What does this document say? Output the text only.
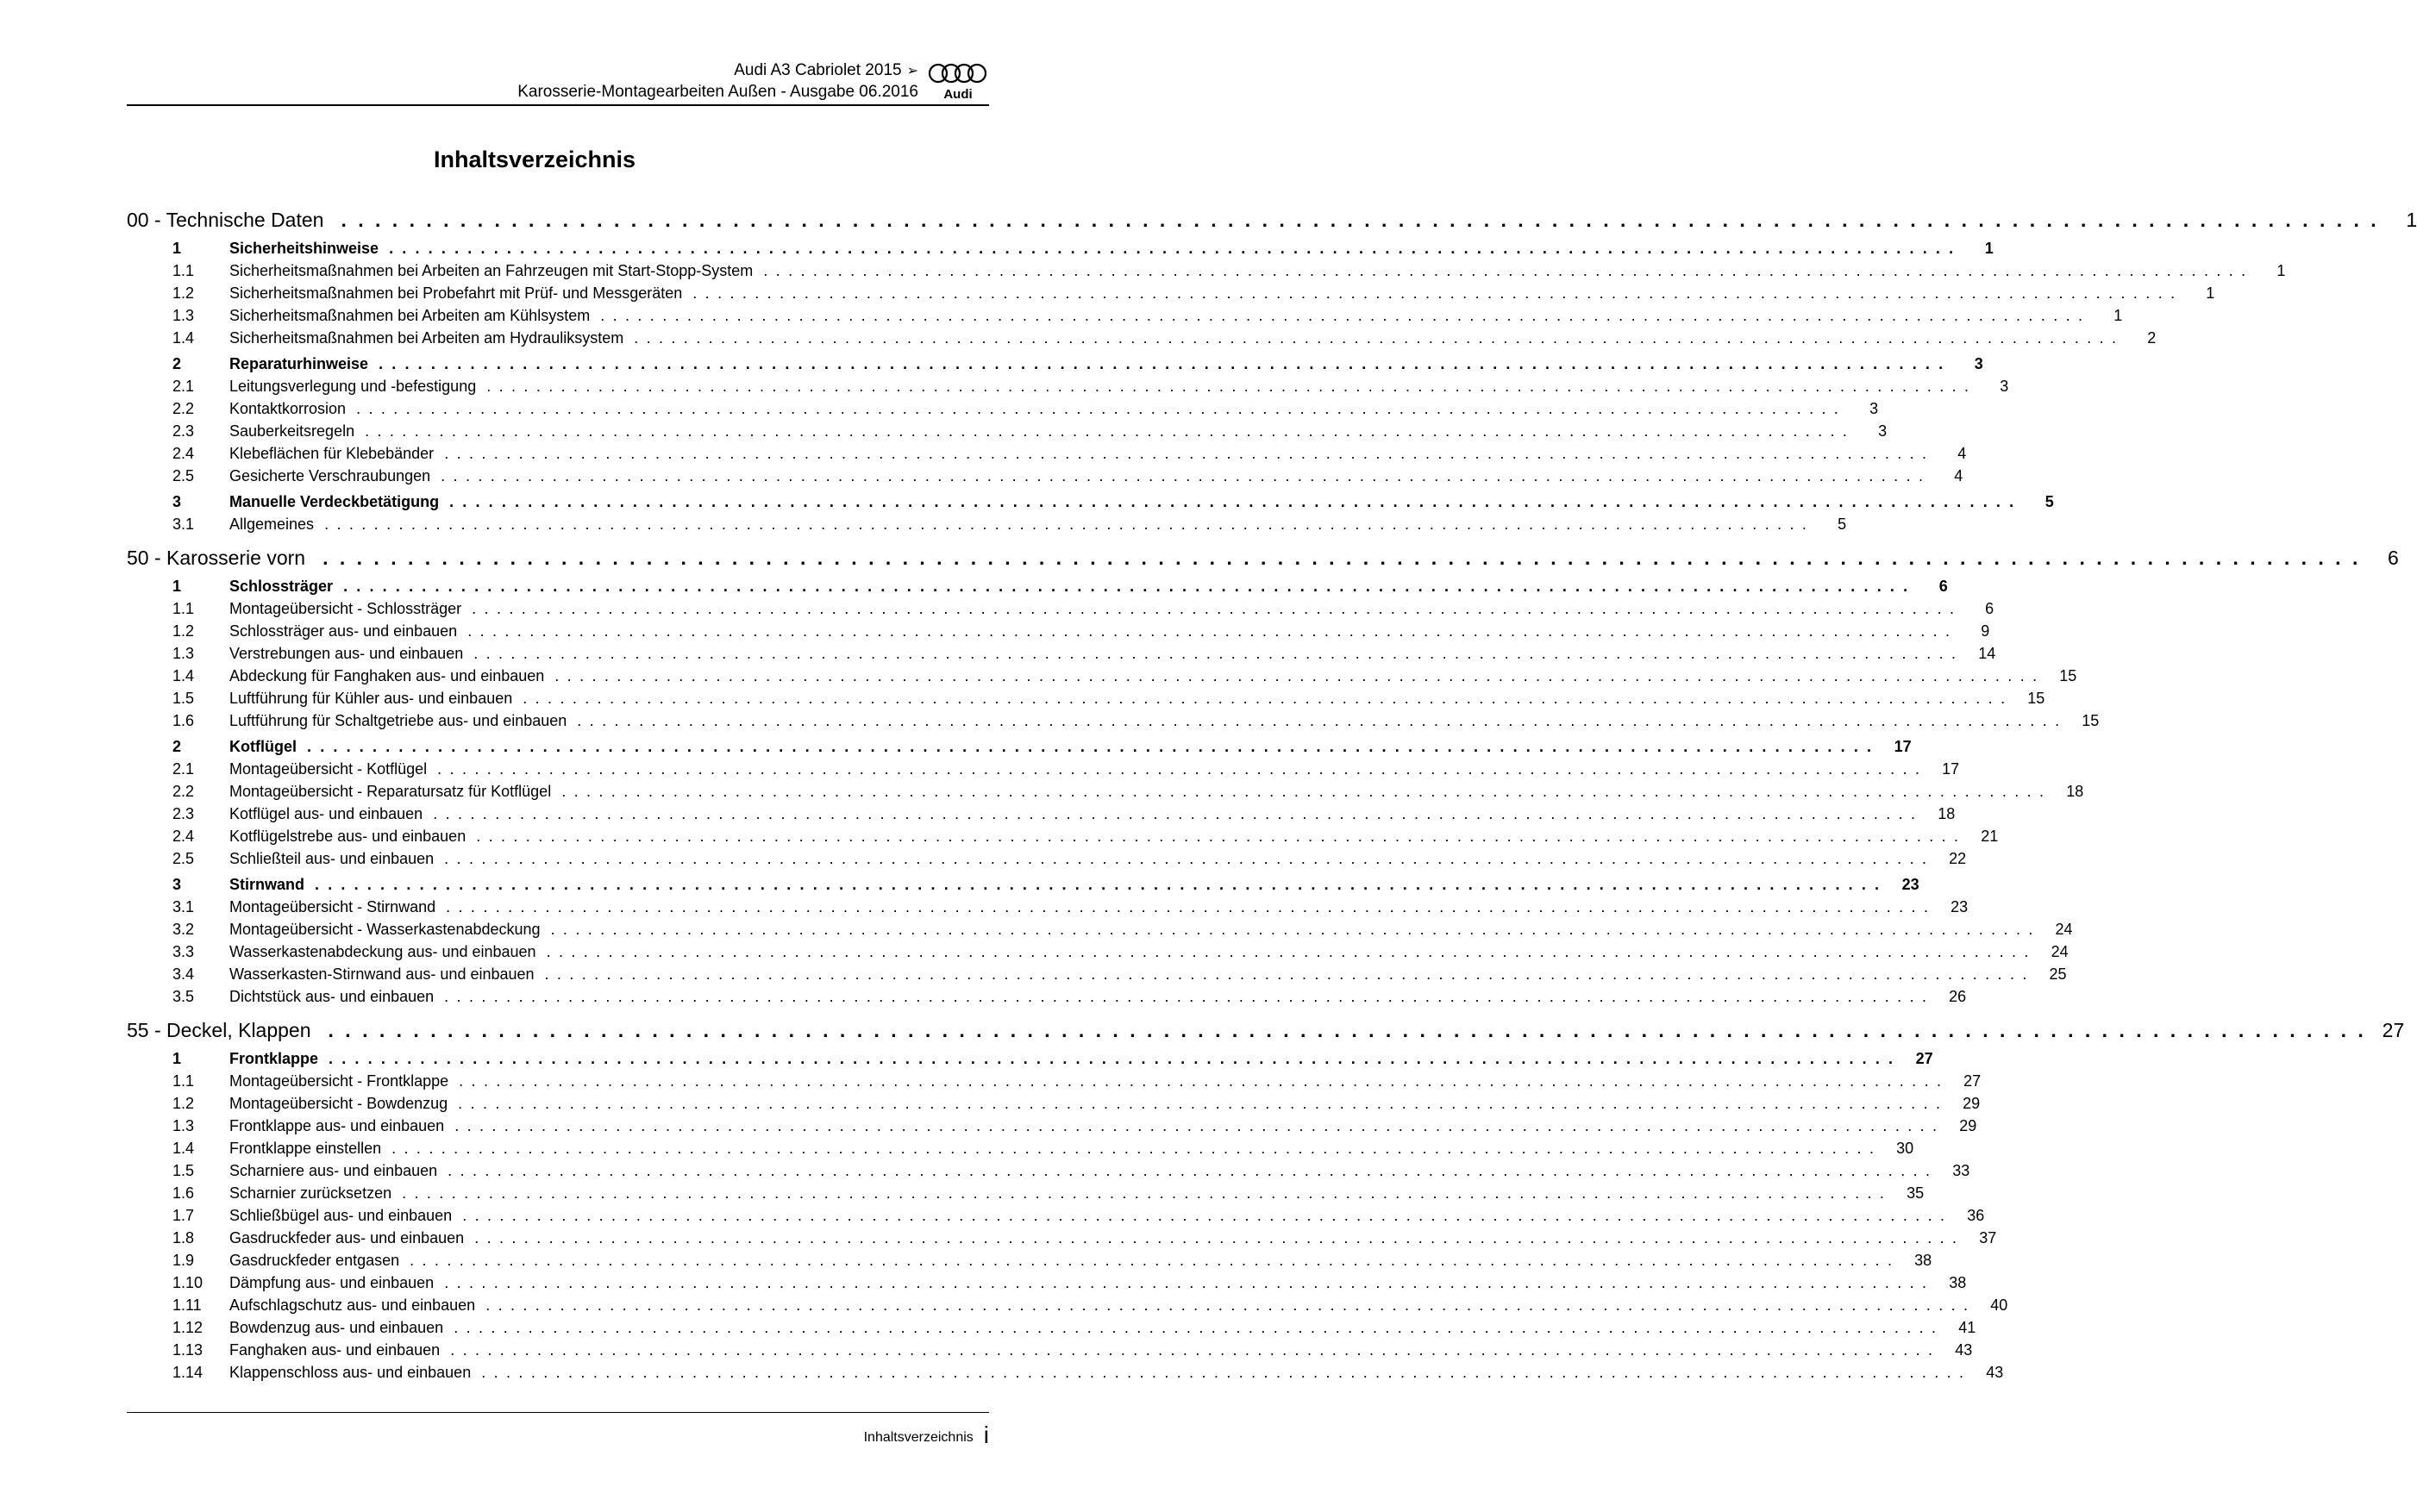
Audi A3 Cabriolet 2015 ➢
Karosserie-Montagearbeiten Außen - Ausgabe 06.2016 Audi
Inhaltsverzeichnis
00 - Technische Daten . . . . . . . . . . . . . . . . . . . . . . . . . . . . . . . . . . . . . . . . . . . . . . . . . . . . . . . . . . . . . . . . . . . . . . . . . . . . . . . . . . . . . . . . . . . . . . . . . . . . . . . . . . . . . . . . . . . . . . . .	1
1	Sicherheitshinweise . . . . . . . . . . . . . . . . . . . . . . . . . . . . . . . . . . . . . . . . . . . . . . . . . . . . . . . . . . . . . . . . . . . . . . . . . . . . . . . . . . . . . . . . . . . . . . . . . . . . . . . . . . . . . . . . . . . . . . . .	1
1.1	Sicherheitsmaßnahmen bei Arbeiten an Fahrzeugen mit Start-Stopp-System . . . . . . . . . . . . . . . . . . . . . . . . . . . . . . . . . . . . . . . . . . . . . . . . . . . . . . . . . . . . . . . . . . . . . . . . . . . . . . . . . . . . . . . . . . . . . . . . . . . . . . . . . . . . . . . . . . . . . . . .	1
1.2	Sicherheitsmaßnahmen bei Probefahrt mit Prüf- und Messgeräten . . . . . . . . . . . . . . . . . . . . . . . . . . . . . . . . . . . . . . . . . . . . . . . . . . . . . . . . . . . . . . . . . . . . . . . . . . . . . . . . . . . . . . . . . . . . . . . . . . . . . . . . . . . . . . . . . . . . . . . .	1
1.3	Sicherheitsmaßnahmen bei Arbeiten am Kühlsystem . . . . . . . . . . . . . . . . . . . . . . . . . . . . . . . . . . . . . . . . . . . . . . . . . . . . . . . . . . . . . . . . . . . . . . . . . . . . . . . . . . . . . . . . . . . . . . . . . . . . . . . . . . . . . . . . . . . . . . . .	1
1.4	Sicherheitsmaßnahmen bei Arbeiten am Hydrauliksystem . . . . . . . . . . . . . . . . . . . . . . . . . . . . . . . . . . . . . . . . . . . . . . . . . . . . . . . . . . . . . . . . . . . . . . . . . . . . . . . . . . . . . . . . . . . . . . . . . . . . . . . . . . . . . . . . . . . . . . . .	2
2	Reparaturhinweise . . . . . . . . . . . . . . . . . . . . . . . . . . . . . . . . . . . . . . . . . . . . . . . . . . . . . . . . . . . . . . . . . . . . . . . . . . . . . . . . . . . . . . . . . . . . . . . . . . . . . . . . . . . . . . . . . . . . . . . .	3
2.1	Leitungsverlegung und -befestigung . . . . . . . . . . . . . . . . . . . . . . . . . . . . . . . . . . . . . . . . . . . . . . . . . . . . . . . . . . . . . . . . . . . . . . . . . . . . . . . . . . . . . . . . . . . . . . . . . . . . . . . . . . . . . . . . . . . . . . . .	3
2.2	Kontaktkorrosion . . . . . . . . . . . . . . . . . . . . . . . . . . . . . . . . . . . . . . . . . . . . . . . . . . . . . . . . . . . . . . . . . . . . . . . . . . . . . . . . . . . . . . . . . . . . . . . . . . . . . . . . . . . . . . . . . . . . . . . .	3
2.3	Sauberkeitsregeln . . . . . . . . . . . . . . . . . . . . . . . . . . . . . . . . . . . . . . . . . . . . . . . . . . . . . . . . . . . . . . . . . . . . . . . . . . . . . . . . . . . . . . . . . . . . . . . . . . . . . . . . . . . . . . . . . . . . . . . .	3
2.4	Klebeflächen für Klebebänder . . . . . . . . . . . . . . . . . . . . . . . . . . . . . . . . . . . . . . . . . . . . . . . . . . . . . . . . . . . . . . . . . . . . . . . . . . . . . . . . . . . . . . . . . . . . . . . . . . . . . . . . . . . . . . . . . . . . . . . .	4
2.5	Gesicherte Verschraubungen . . . . . . . . . . . . . . . . . . . . . . . . . . . . . . . . . . . . . . . . . . . . . . . . . . . . . . . . . . . . . . . . . . . . . . . . . . . . . . . . . . . . . . . . . . . . . . . . . . . . . . . . . . . . . . . . . . . . . . . .	4
3	Manuelle Verdeckbetätigung . . . . . . . . . . . . . . . . . . . . . . . . . . . . . . . . . . . . . . . . . . . . . . . . . . . . . . . . . . . . . . . . . . . . . . . . . . . . . . . . . . . . . . . . . . . . . . . . . . . . . . . . . . . . . . . . . . . . . . . .	5
3.1	Allgemeines . . . . . . . . . . . . . . . . . . . . . . . . . . . . . . . . . . . . . . . . . . . . . . . . . . . . . . . . . . . . . . . . . . . . . . . . . . . . . . . . . . . . . . . . . . . . . . . . . . . . . . . . . . . . . . . . . . . . . . . .	5
50 - Karosserie vorn . . . . . . . . . . . . . . . . . . . . . . . . . . . . . . . . . . . . . . . . . . . . . . . . . . . . . . . . . . . . . . . . . . . . . . . . . . . . . . . . . . . . . . . . . . . . . . . . . . . . . . . . . . . . . . . . . . . . . . . .	6
1	Schlossträger . . . . . . . . . . . . . . . . . . . . . . . . . . . . . . . . . . . . . . . . . . . . . . . . . . . . . . . . . . . . . . . . . . . . . . . . . . . . . . . . . . . . . . . . . . . . . . . . . . . . . . . . . . . . . . . . . . . . . . . .	6
1.1	Montageübersicht - Schlossträger . . . . . . . . . . . . . . . . . . . . . . . . . . . . . . . . . . . . . . . . . . . . . . . . . . . . . . . . . . . . . . . . . . . . . . . . . . . . . . . . . . . . . . . . . . . . . . . . . . . . . . . . . . . . . . . . . . . . . . . .	6
1.2	Schlossträger aus- und einbauen . . . . . . . . . . . . . . . . . . . . . . . . . . . . . . . . . . . . . . . . . . . . . . . . . . . . . . . . . . . . . . . . . . . . . . . . . . . . . . . . . . . . . . . . . . . . . . . . . . . . . . . . . . . . . . . . . . . . . . . .	9
1.3	Verstrebungen aus- und einbauen . . . . . . . . . . . . . . . . . . . . . . . . . . . . . . . . . . . . . . . . . . . . . . . . . . . . . . . . . . . . . . . . . . . . . . . . . . . . . . . . . . . . . . . . . . . . . . . . . . . . . . . . . . . . . . . . . . . . . . . .	14
1.4	Abdeckung für Fanghaken aus- und einbauen . . . . . . . . . . . . . . . . . . . . . . . . . . . . . . . . . . . . . . . . . . . . . . . . . . . . . . . . . . . . . . . . . . . . . . . . . . . . . . . . . . . . . . . . . . . . . . . . . . . . . . . . . . . . . . . . . . . . . . . .	15
1.5	Luftführung für Kühler aus- und einbauen . . . . . . . . . . . . . . . . . . . . . . . . . . . . . . . . . . . . . . . . . . . . . . . . . . . . . . . . . . . . . . . . . . . . . . . . . . . . . . . . . . . . . . . . . . . . . . . . . . . . . . . . . . . . . . . . . . . . . . . .	15
1.6	Luftführung für Schaltgetriebe aus- und einbauen . . . . . . . . . . . . . . . . . . . . . . . . . . . . . . . . . . . . . . . . . . . . . . . . . . . . . . . . . . . . . . . . . . . . . . . . . . . . . . . . . . . . . . . . . . . . . . . . . . . . . . . . . . . . . . . . . . . . . . . .	15
2	Kotflügel . . . . . . . . . . . . . . . . . . . . . . . . . . . . . . . . . . . . . . . . . . . . . . . . . . . . . . . . . . . . . . . . . . . . . . . . . . . . . . . . . . . . . . . . . . . . . . . . . . . . . . . . . . . . . . . . . . . . . . . .	17
2.1	Montageübersicht - Kotflügel . . . . . . . . . . . . . . . . . . . . . . . . . . . . . . . . . . . . . . . . . . . . . . . . . . . . . . . . . . . . . . . . . . . . . . . . . . . . . . . . . . . . . . . . . . . . . . . . . . . . . . . . . . . . . . . . . . . . . . . .	17
2.2	Montageübersicht - Reparatursatz für Kotflügel . . . . . . . . . . . . . . . . . . . . . . . . . . . . . . . . . . . . . . . . . . . . . . . . . . . . . . . . . . . . . . . . . . . . . . . . . . . . . . . . . . . . . . . . . . . . . . . . . . . . . . . . . . . . . . . . . . . . . . . .	18
2.3	Kotflügel aus- und einbauen . . . . . . . . . . . . . . . . . . . . . . . . . . . . . . . . . . . . . . . . . . . . . . . . . . . . . . . . . . . . . . . . . . . . . . . . . . . . . . . . . . . . . . . . . . . . . . . . . . . . . . . . . . . . . . . . . . . . . . . .	18
2.4	Kotflügelstrebe aus- und einbauen . . . . . . . . . . . . . . . . . . . . . . . . . . . . . . . . . . . . . . . . . . . . . . . . . . . . . . . . . . . . . . . . . . . . . . . . . . . . . . . . . . . . . . . . . . . . . . . . . . . . . . . . . . . . . . . . . . . . . . . .	21
2.5	Schließteil aus- und einbauen . . . . . . . . . . . . . . . . . . . . . . . . . . . . . . . . . . . . . . . . . . . . . . . . . . . . . . . . . . . . . . . . . . . . . . . . . . . . . . . . . . . . . . . . . . . . . . . . . . . . . . . . . . . . . . . . . . . . . . . .	22
3	Stirnwand . . . . . . . . . . . . . . . . . . . . . . . . . . . . . . . . . . . . . . . . . . . . . . . . . . . . . . . . . . . . . . . . . . . . . . . . . . . . . . . . . . . . . . . . . . . . . . . . . . . . . . . . . . . . . . . . . . . . . . . .	23
3.1	Montageübersicht - Stirnwand . . . . . . . . . . . . . . . . . . . . . . . . . . . . . . . . . . . . . . . . . . . . . . . . . . . . . . . . . . . . . . . . . . . . . . . . . . . . . . . . . . . . . . . . . . . . . . . . . . . . . . . . . . . . . . . . . . . . . . . .	23
3.2	Montageübersicht - Wasserkastenabdeckung . . . . . . . . . . . . . . . . . . . . . . . . . . . . . . . . . . . . . . . . . . . . . . . . . . . . . . . . . . . . . . . . . . . . . . . . . . . . . . . . . . . . . . . . . . . . . . . . . . . . . . . . . . . . . . . . . . . . . . . .	24
3.3	Wasserkastenabdeckung aus- und einbauen . . . . . . . . . . . . . . . . . . . . . . . . . . . . . . . . . . . . . . . . . . . . . . . . . . . . . . . . . . . . . . . . . . . . . . . . . . . . . . . . . . . . . . . . . . . . . . . . . . . . . . . . . . . . . . . . . . . . . . . .	24
3.4	Wasserkasten-Stirnwand aus- und einbauen . . . . . . . . . . . . . . . . . . . . . . . . . . . . . . . . . . . . . . . . . . . . . . . . . . . . . . . . . . . . . . . . . . . . . . . . . . . . . . . . . . . . . . . . . . . . . . . . . . . . . . . . . . . . . . . . . . . . . . . .	25
3.5	Dichtstück aus- und einbauen . . . . . . . . . . . . . . . . . . . . . . . . . . . . . . . . . . . . . . . . . . . . . . . . . . . . . . . . . . . . . . . . . . . . . . . . . . . . . . . . . . . . . . . . . . . . . . . . . . . . . . . . . . . . . . . . . . . . . . . .	26
55 - Deckel, Klappen . . . . . . . . . . . . . . . . . . . . . . . . . . . . . . . . . . . . . . . . . . . . . . . . . . . . . . . . . . . . . . . . . . . . . . . . . . . . . . . . . . . . . . . . . . . . . . . . . . . . . . . . . . . . . . . . . . . . . . . . 27
1	Frontklappe . . . . . . . . . . . . . . . . . . . . . . . . . . . . . . . . . . . . . . . . . . . . . . . . . . . . . . . . . . . . . . . . . . . . . . . . . . . . . . . . . . . . . . . . . . . . . . . . . . . . . . . . . . . . . . . . . . . . . . . .	27
1.1	Montageübersicht - Frontklappe . . . . . . . . . . . . . . . . . . . . . . . . . . . . . . . . . . . . . . . . . . . . . . . . . . . . . . . . . . . . . . . . . . . . . . . . . . . . . . . . . . . . . . . . . . . . . . . . . . . . . . . . . . . . . . . . . . . . . . . .	27
1.2	Montageübersicht - Bowdenzug . . . . . . . . . . . . . . . . . . . . . . . . . . . . . . . . . . . . . . . . . . . . . . . . . . . . . . . . . . . . . . . . . . . . . . . . . . . . . . . . . . . . . . . . . . . . . . . . . . . . . . . . . . . . . . . . . . . . . . . .	29
1.3	Frontklappe aus- und einbauen . . . . . . . . . . . . . . . . . . . . . . . . . . . . . . . . . . . . . . . . . . . . . . . . . . . . . . . . . . . . . . . . . . . . . . . . . . . . . . . . . . . . . . . . . . . . . . . . . . . . . . . . . . . . . . . . . . . . . . . .	29
1.4	Frontklappe einstellen . . . . . . . . . . . . . . . . . . . . . . . . . . . . . . . . . . . . . . . . . . . . . . . . . . . . . . . . . . . . . . . . . . . . . . . . . . . . . . . . . . . . . . . . . . . . . . . . . . . . . . . . . . . . . . . . . . . . . . . .	30
1.5	Scharniere aus- und einbauen . . . . . . . . . . . . . . . . . . . . . . . . . . . . . . . . . . . . . . . . . . . . . . . . . . . . . . . . . . . . . . . . . . . . . . . . . . . . . . . . . . . . . . . . . . . . . . . . . . . . . . . . . . . . . . . . . . . . . . . .	33
1.6	Scharnier zurücksetzen . . . . . . . . . . . . . . . . . . . . . . . . . . . . . . . . . . . . . . . . . . . . . . . . . . . . . . . . . . . . . . . . . . . . . . . . . . . . . . . . . . . . . . . . . . . . . . . . . . . . . . . . . . . . . . . . . . . . . . . .	35
1.7	Schließbügel aus- und einbauen . . . . . . . . . . . . . . . . . . . . . . . . . . . . . . . . . . . . . . . . . . . . . . . . . . . . . . . . . . . . . . . . . . . . . . . . . . . . . . . . . . . . . . . . . . . . . . . . . . . . . . . . . . . . . . . . . . . . . . . .	36
1.8	Gasdruckfeder aus- und einbauen . . . . . . . . . . . . . . . . . . . . . . . . . . . . . . . . . . . . . . . . . . . . . . . . . . . . . . . . . . . . . . . . . . . . . . . . . . . . . . . . . . . . . . . . . . . . . . . . . . . . . . . . . . . . . . . . . . . . . . . .	37
1.9	Gasdruckfeder entgasen . . . . . . . . . . . . . . . . . . . . . . . . . . . . . . . . . . . . . . . . . . . . . . . . . . . . . . . . . . . . . . . . . . . . . . . . . . . . . . . . . . . . . . . . . . . . . . . . . . . . . . . . . . . . . . . . . . . . . . . .	38
1.10	Dämpfung aus- und einbauen . . . . . . . . . . . . . . . . . . . . . . . . . . . . . . . . . . . . . . . . . . . . . . . . . . . . . . . . . . . . . . . . . . . . . . . . . . . . . . . . . . . . . . . . . . . . . . . . . . . . . . . . . . . . . . . . . . . . . . . .	38
1.11	Aufschlagschutz aus- und einbauen . . . . . . . . . . . . . . . . . . . . . . . . . . . . . . . . . . . . . . . . . . . . . . . . . . . . . . . . . . . . . . . . . . . . . . . . . . . . . . . . . . . . . . . . . . . . . . . . . . . . . . . . . . . . . . . . . . . . . . . .	40
1.12	Bowdenzug aus- und einbauen . . . . . . . . . . . . . . . . . . . . . . . . . . . . . . . . . . . . . . . . . . . . . . . . . . . . . . . . . . . . . . . . . . . . . . . . . . . . . . . . . . . . . . . . . . . . . . . . . . . . . . . . . . . . . . . . . . . . . . . .	41
1.13	Fanghaken aus- und einbauen . . . . . . . . . . . . . . . . . . . . . . . . . . . . . . . . . . . . . . . . . . . . . . . . . . . . . . . . . . . . . . . . . . . . . . . . . . . . . . . . . . . . . . . . . . . . . . . . . . . . . . . . . . . . . . . . . . . . . . . .	43
1.14	Klappenschloss aus- und einbauen . . . . . . . . . . . . . . . . . . . . . . . . . . . . . . . . . . . . . . . . . . . . . . . . . . . . . . . . . . . . . . . . . . . . . . . . . . . . . . . . . . . . . . . . . . . . . . . . . . . . . . . . . . . . . . . . . . . . . . . .	43
Inhaltsverzeichnis i
